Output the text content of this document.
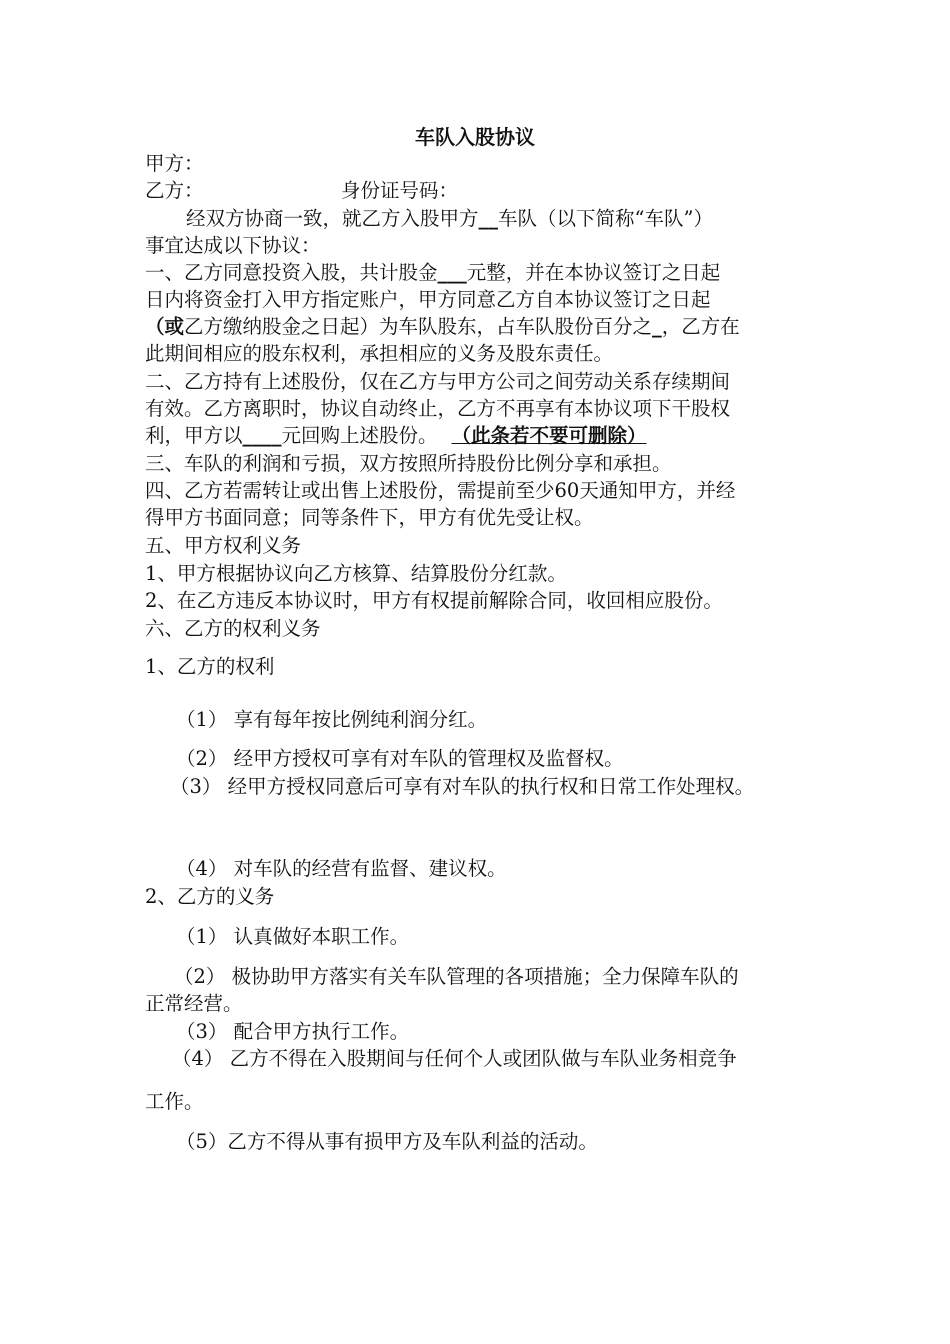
车队入股协议
甲方：
乙方：	身份证号码：
经双方协商一致，就乙方入股甲方__车队（以下简称“车队”）
事宜达成以下协议：
一、乙方同意投资入股，共计股金___元整，并在本协议签订之日起
日内将资金打入甲方指定账户，甲方同意乙方自本协议签订之日起
（或乙方缴纳股金之日起）为车队股东，占车队股份百分之_，乙方在
此期间相应的股东权利，承担相应的义务及股东责任。
二、乙方持有上述股份，仅在乙方与甲方公司之间劳动关系存续期间
有效。乙方离职时，协议自动终止，乙方不再享有本协议项下干股权
利，甲方以____元回购上述股份。 （此条若不要可删除）
三、车队的利润和亏损，双方按照所持股份比例分享和承担。
四、乙方若需转让或出售上述股份，需提前至少60天通知甲方，并经
得甲方书面同意；同等条件下，甲方有优先受让权。
五、甲方权利义务
1、甲方根据协议向乙方核算、结算股份分红款。
2、在乙方违反本协议时，甲方有权提前解除合同，收回相应股份。
六、乙方的权利义务
1、乙方的权利
（1） 享有每年按比例纯利润分红。
（2） 经甲方授权可享有对车队的管理权及监督权。
（3） 经甲方授权同意后可享有对车队的执行权和日常工作处理权。
（4） 对车队的经营有监督、建议权。
2、乙方的义务
（1） 认真做好本职工作。
（2） 极协助甲方落实有关车队管理的各项措施；全力保障车队的
正常经营。
（3） 配合甲方执行工作。
（4） 乙方不得在入股期间与任何个人或团队做与车队业务相竞争
工作。
（5）乙方不得从事有损甲方及车队利益的活动。
